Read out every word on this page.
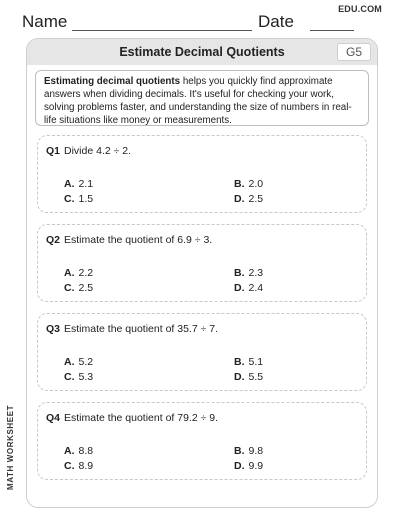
Name	Date
EDU.COM
Estimate Decimal Quotients	G5
Estimating decimal quotients helps you quickly find approximate answers when dividing decimals. It's useful for checking your work, solving problems faster, and understanding the size of numbers in real-life situations like money or measurements.
Q1 Divide 4.2 ÷ 2.
A. 2.1	B. 2.0
C. 1.5	D. 2.5
Q2 Estimate the quotient of 6.9 ÷ 3.
A. 2.2	B. 2.3
C. 2.5	D. 2.4
Q3 Estimate the quotient of 35.7 ÷ 7.
A. 5.2	B. 5.1
C. 5.3	D. 5.5
Q4 Estimate the quotient of 79.2 ÷ 9.
A. 8.8	B. 9.8
C. 8.9	D. 9.9
MATH WORKSHEET
